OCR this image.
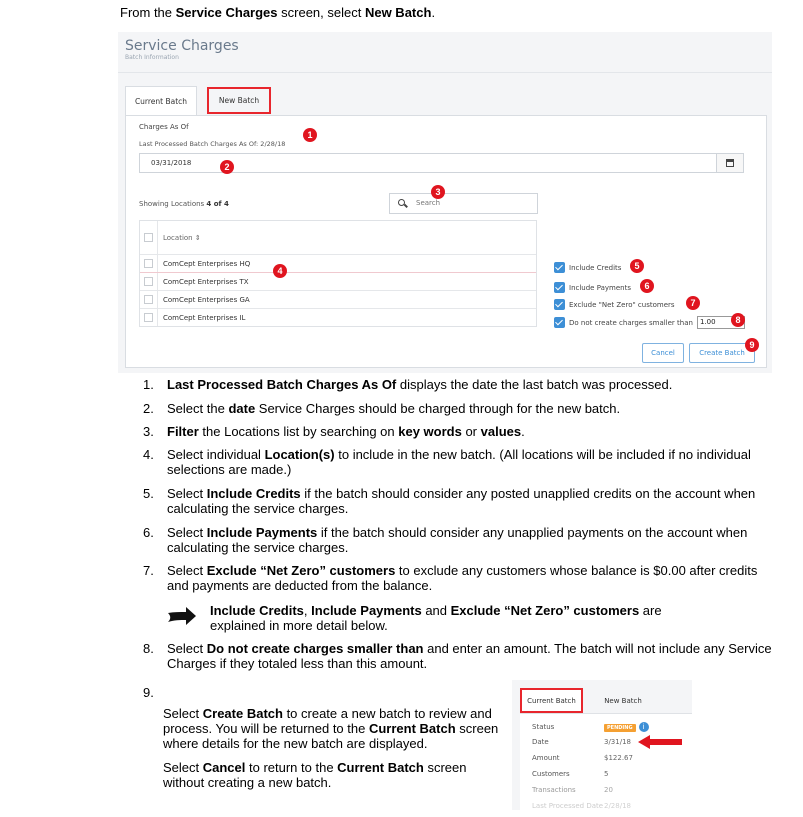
From the Service Charges screen, select New Batch.
Service Charges
Batch Information
Current Batch	New Batch
Charges As Of
Last Processed Batch Charges As Of: 2/28/18
03/31/2018
Showing Locations 4 of 4
Search
Location ⇕
ComCept Enterprises HQ
ComCept Enterprises TX
ComCept Enterprises GA
ComCept Enterprises IL
Include Credits
Include Payments
Exclude "Net Zero" customers
Do not create charges smaller than	1.00
Cancel	Create Batch
1
2
3
4	5
6
7
8
9
1. Last Processed Batch Charges As Of displays the date the last batch was processed.
2. Select the date Service Charges should be charged through for the new batch.
3. Filter the Locations list by searching on key words or values.
4. Select individual Location(s) to include in the new batch. (All locations will be included if no individual selections are made.)
5. Select Include Credits if the batch should consider any posted unapplied credits on the account when calculating the service charges.
6. Select Include Payments if the batch should consider any unapplied payments on the account when calculating the service charges.
7. Select Exclude “Net Zero” customers to exclude any customers whose balance is $0.00 after credits and payments are deducted from the balance.
8. Select Do not create charges smaller than and enter an amount. The batch will not include any Service Charges if they totaled less than this amount.
9.
Include Credits, Include Payments and Exclude “Net Zero” customers are explained in more detail below.
Select Create Batch to create a new batch to review and process. You will be returned to the Current Batch screen where details for the new batch are displayed.
Select Cancel to return to the Current Batch screen without creating a new batch.
Current Batch	New Batch
Status	PENDING i
Date	3/31/18
Amount	$122.67
Customers	5
Transactions	20
Last Processed Date2/28/18
